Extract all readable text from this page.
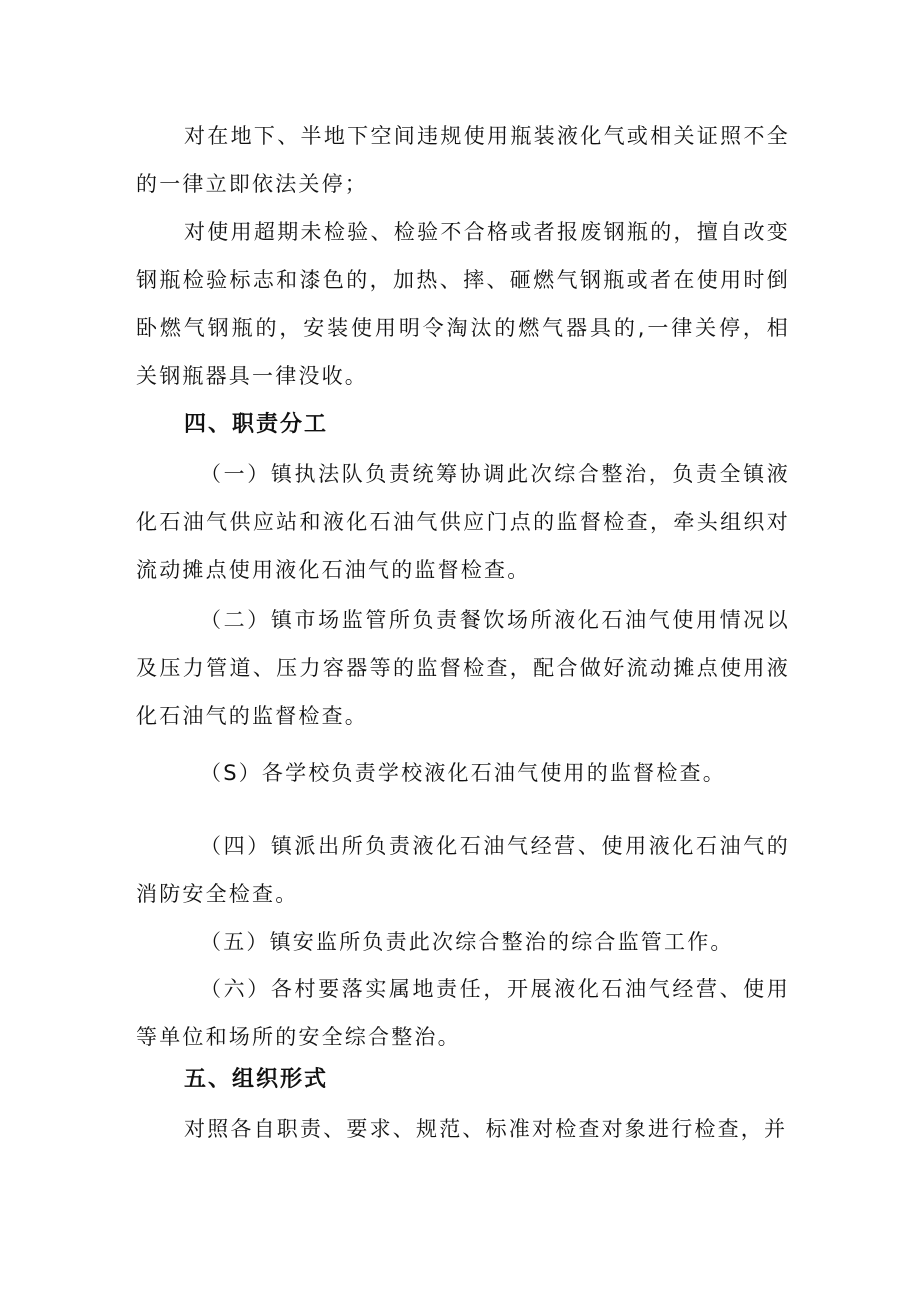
对在地下、半地下空间违规使用瓶装液化气或相关证照不全的一律立即依法关停；

对使用超期未检验、检验不合格或者报废钢瓶的，擅自改变钢瓶检验标志和漆色的，加热、摔、砸燃气钢瓶或者在使用时倒卧燃气钢瓶的，安装使用明令淘汰的燃气器具的,一律关停，相关钢瓶器具一律没收。

四、职责分工

（一）镇执法队负责统筹协调此次综合整治，负责全镇液化石油气供应站和液化石油气供应门点的监督检查，牵头组织对流动摊点使用液化石油气的监督检查。

（二）镇市场监管所负责餐饮场所液化石油气使用情况以及压力管道、压力容器等的监督检查，配合做好流动摊点使用液化石油气的监督检查。

（S）各学校负责学校液化石油气使用的监督检查。

（四）镇派出所负责液化石油气经营、使用液化石油气的消防安全检查。

（五）镇安监所负责此次综合整治的综合监管工作。

（六）各村要落实属地责任，开展液化石油气经营、使用等单位和场所的安全综合整治。

五、组织形式

对照各自职责、要求、规范、标准对检查对象进行检查，并
